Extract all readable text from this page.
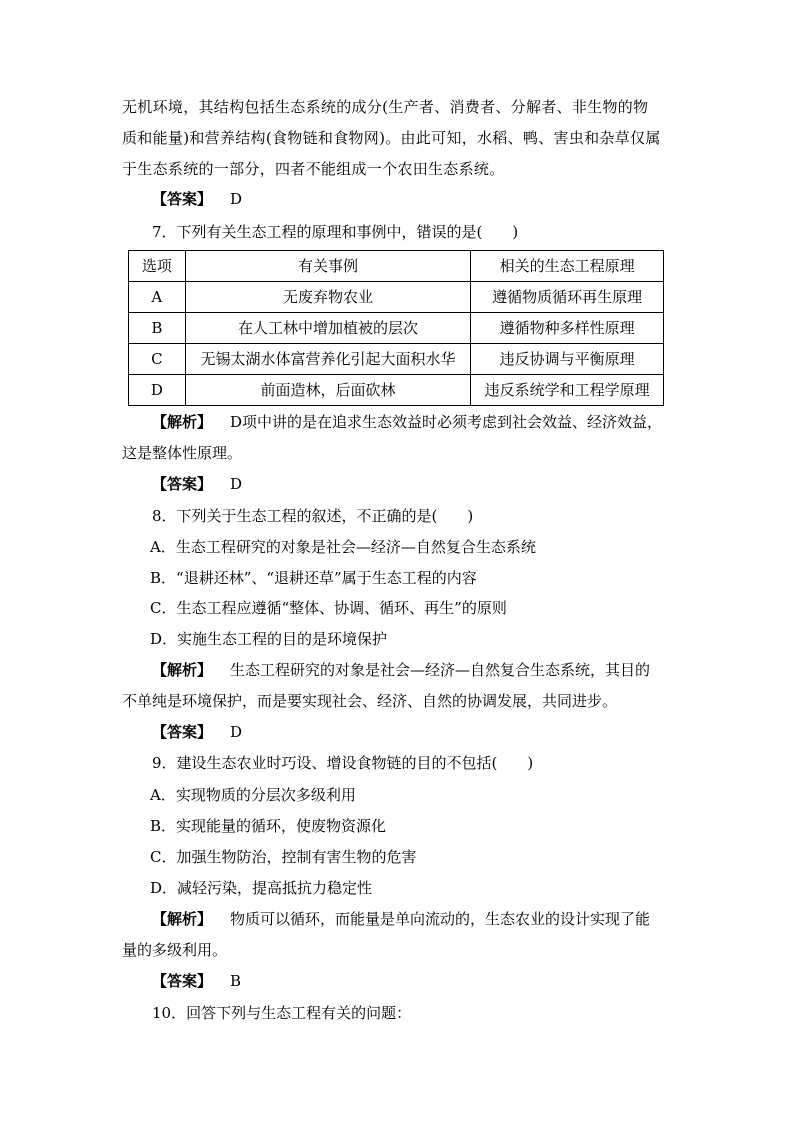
无机环境，其结构包括生态系统的成分(生产者、消费者、分解者、非生物的物
质和能量)和营养结构(食物链和食物网)。由此可知，水稻、鸭、害虫和杂草仅属
于生态系统的一部分，四者不能组成一个农田生态系统。
【答案】 D
7．下列有关生态工程的原理和事例中，错误的是(　　)
选项	有关事例	相关的生态工程原理
A	无废弃物农业	遵循物质循环再生原理
B	在人工林中增加植被的层次	遵循物种多样性原理
C	无锡太湖水体富营养化引起大面积水华	违反协调与平衡原理
D	前面造林，后面砍林	违反系统学和工程学原理
【解析】 D项中讲的是在追求生态效益时必须考虑到社会效益、经济效益，
这是整体性原理。
【答案】 D
8．下列关于生态工程的叙述，不正确的是(　　)
A．生态工程研究的对象是社会—经济—自然复合生态系统
B．“退耕还林”、“退耕还草”属于生态工程的内容
C．生态工程应遵循“整体、协调、循环、再生”的原则
D．实施生态工程的目的是环境保护
【解析】 生态工程研究的对象是社会—经济—自然复合生态系统，其目的
不单纯是环境保护，而是要实现社会、经济、自然的协调发展，共同进步。
【答案】 D
9．建设生态农业时巧设、增设食物链的目的不包括(　　)
A．实现物质的分层次多级利用
B．实现能量的循环，使废物资源化
C．加强生物防治，控制有害生物的危害
D．减轻污染，提高抵抗力稳定性
【解析】 物质可以循环，而能量是单向流动的，生态农业的设计实现了能
量的多级利用。
【答案】 B
10．回答下列与生态工程有关的问题：
